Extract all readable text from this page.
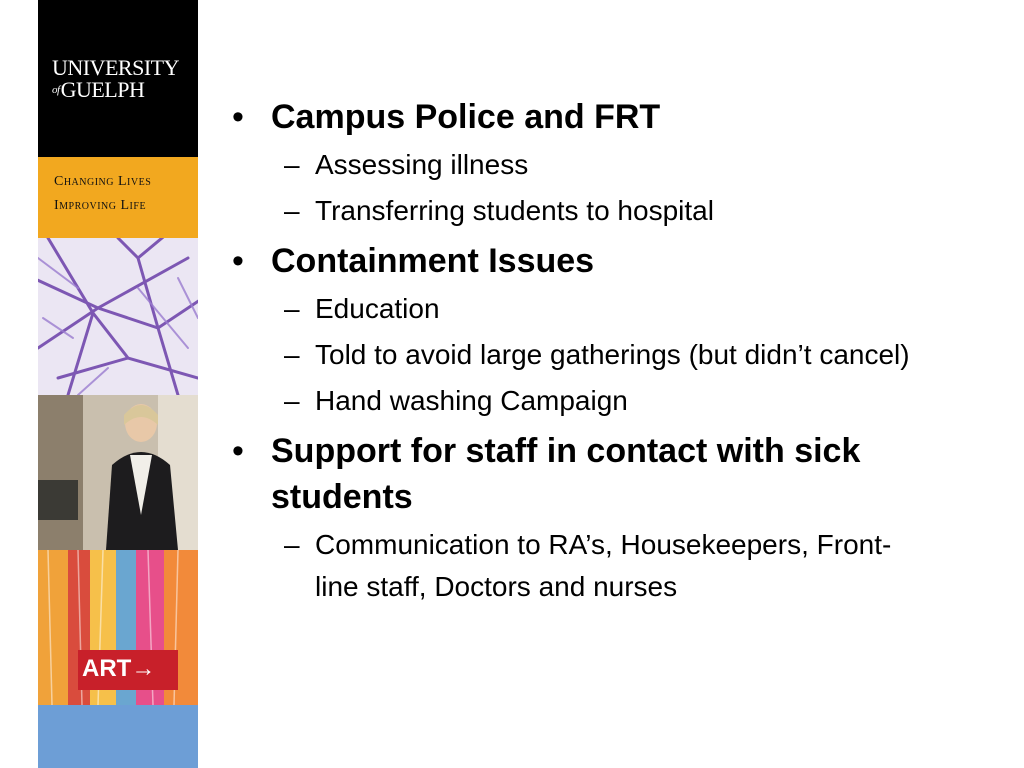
UNIVERSITY
ofGUELPH
Changing Lives
Improving Life
ART→
• Campus Police and FRT
– Assessing illness
– Transferring students to hospital
• Containment Issues
– Education
– Told to avoid large gatherings (but didn’t cancel)
– Hand washing Campaign
• Support for staff in contact with sick students
– Communication to RA’s, Housekeepers, Front-line staff, Doctors and nurses
